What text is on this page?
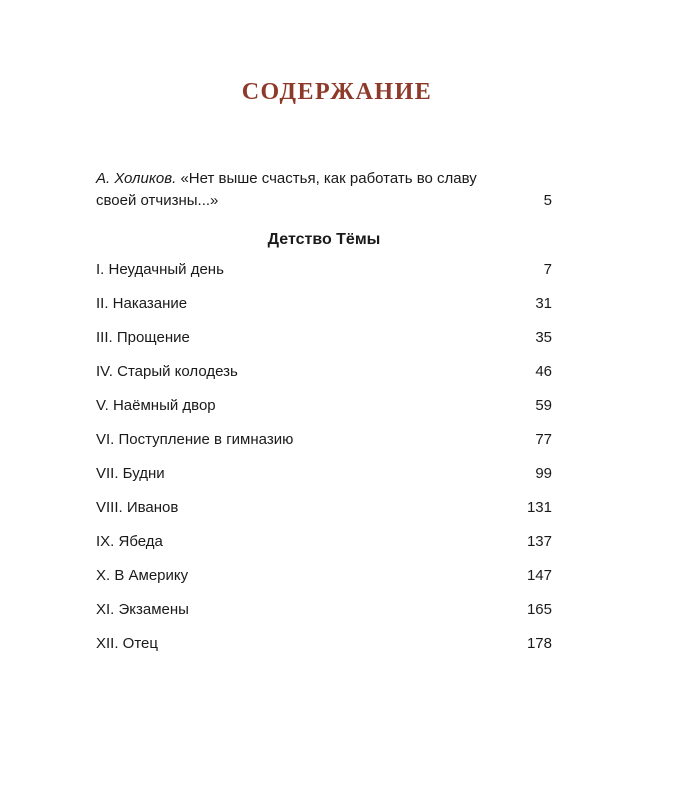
СОДЕРЖАНИЕ
А. Холиков. «Нет выше счастья, как работать во славу
своей отчизны...»	5
Детство Тёмы
I. Неудачный день	7
II. Наказание	31
III. Прощение	35
IV. Старый колодезь	46
V. Наёмный двор	59
VI. Поступление в гимназию	77
VII. Будни	99
VIII. Иванов	131
IX. Ябеда	137
X. В Америку	147
XI. Экзамены	165
XII. Отец	178
